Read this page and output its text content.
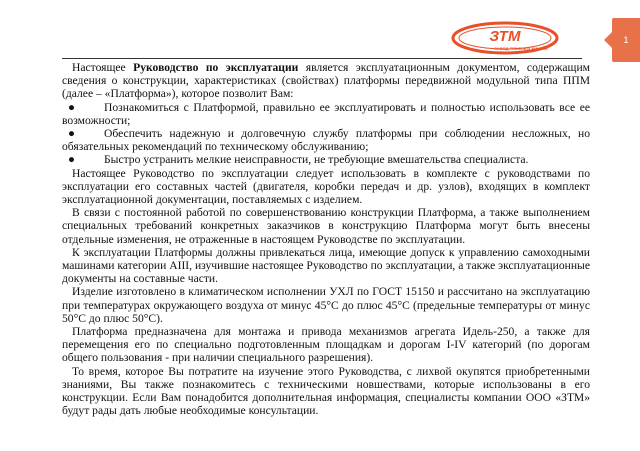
1
ЗТМ
ЗАВОД ТЯЖЕЛЫХ МАШИН

Настоящее Руководство по эксплуатации является эксплуатационным документом, содержащим сведения о конструкции, характеристиках (свойствах) платформы передвижной модульной типа ППМ (далее – «Платформа»), которое позволит Вам:

● Познакомиться с Платформой, правильно ее эксплуатировать и полностью использовать все ее возможности;

● Обеспечить надежную и долговечную службу платформы при соблюдении несложных, но обязательных рекомендаций по техническому обслуживанию;

● Быстро устранить мелкие неисправности, не требующие вмешательства специалиста.

Настоящее Руководство по эксплуатации следует использовать в комплекте с руководствами по эксплуатации его составных частей (двигателя, коробки передач и др. узлов), входящих в комплект эксплуатационной документации, поставляемых с изделием.

В связи с постоянной работой по совершенствованию конструкции Платформа, а также выполнением специальных требований конкретных заказчиков в конструкцию Платформа могут быть внесены отдельные изменения, не отраженные в настоящем Руководстве по эксплуатации.

К эксплуатации Платформы должны привлекаться лица, имеющие допуск к управлению самоходными машинами категории АIII, изучившие настоящее Руководство по эксплуатации, а также эксплуатационные документы на составные части.

Изделие изготовлено в климатическом исполнении УХЛ по ГОСТ 15150 и рассчитано на эксплуатацию при температурах окружающего воздуха от минус 45°С до плюс 45°С (предельные температуры от минус 50°С до плюс 50°С).

Платформа предназначена для монтажа и привода механизмов агрегата Идель-250, а также для перемещения его по специально подготовленным площадкам и дорогам I-IV категорий (по дорогам общего пользования - при наличии специального разрешения).

То время, которое Вы потратите на изучение этого Руководства, с лихвой окупятся приобретенными знаниями, Вы также познакомитесь с техническими новшествами, которые использованы в его конструкции. Если Вам понадобится дополнительная информация, специалисты компании ООО «ЗТМ» будут рады дать любые необходимые консультации.
